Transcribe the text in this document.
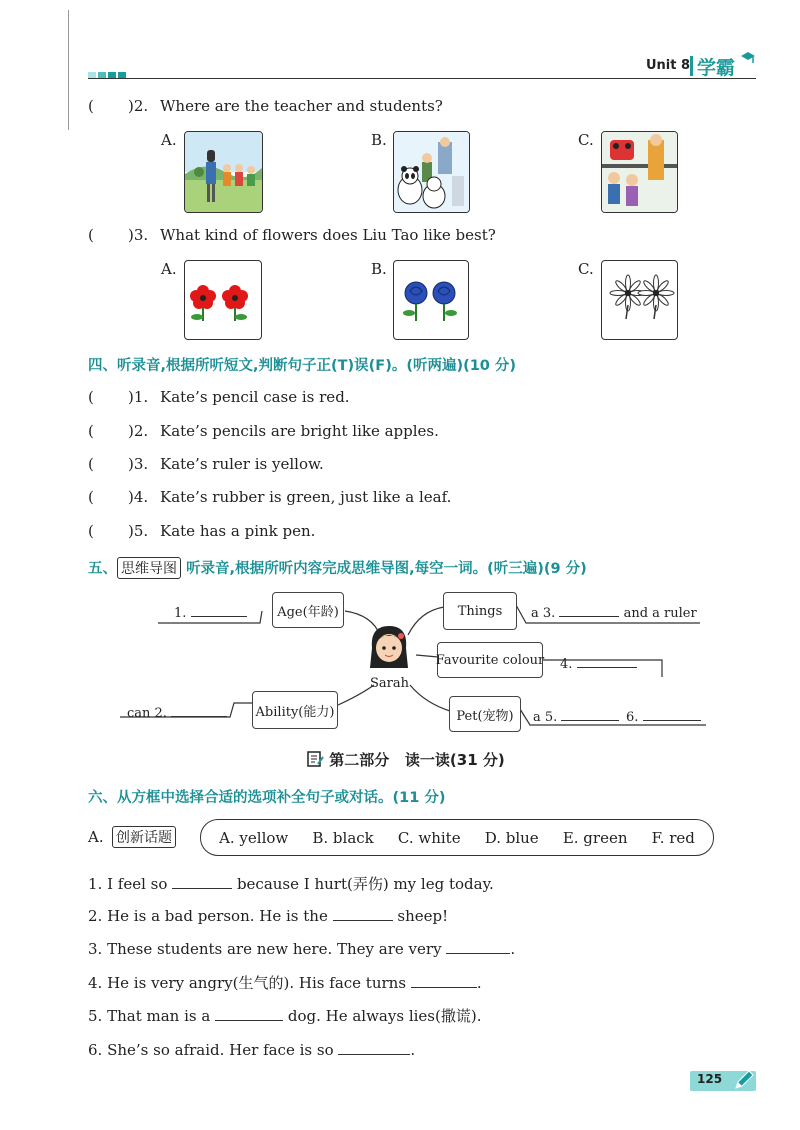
Unit 8 学霸
( )2. Where are the teacher and students?
A.	B.	C.
( )3. What kind of flowers does Liu Tao like best?
A.	B.	C.
四、听录音,根据所听短文,判断句子正(T)误(F)。(听两遍)(10 分)
( )1. Kate’s pencil case is red.
( )2. Kate’s pencils are bright like apples.
( )3. Kate’s ruler is yellow.
( )4. Kate’s rubber is green, just like a leaf.
( )5. Kate has a pink pen.
五、 思维导图 听录音,根据所听内容完成思维导图,每空一词。(听三遍)(9 分)
Age(年龄)	Things
Favourite colour
Ability(能力)	Pet(宠物)
Sarah
1.	a 3.	and a ruler
4.
can 2.	a 5.	6.
第二部分 读一读(31 分)
六、从方框中选择合适的选项补全句子或对话。(11 分)
A. 创新话题	A. yellow B. black C. white D. blue E. green F. red
1. I feel so	because I hurt(弄伤) my leg today.
2. He is a bad person. He is the	sheep!
3. These students are new here. They are very	.
4. He is very angry(生气的). His face turns	.
5. That man is a	dog. He always lies(撒谎).
6. She’s so afraid. Her face is so	.
125
